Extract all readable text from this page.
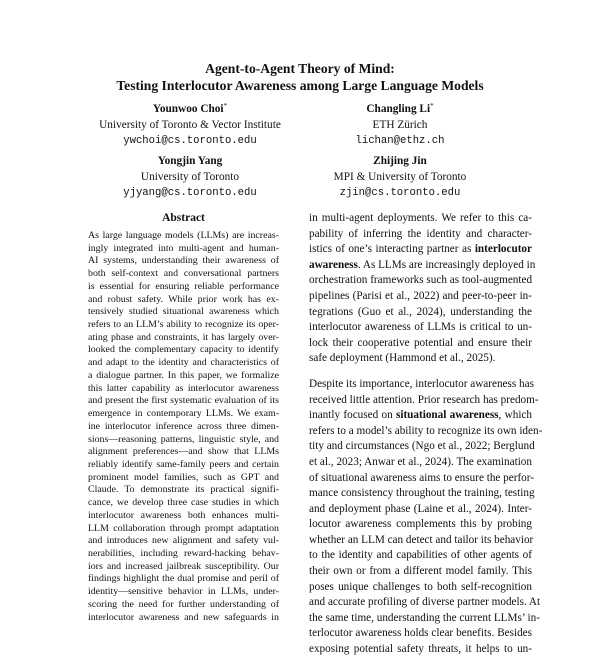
Agent-to-Agent Theory of Mind:
Testing Interlocutor Awareness among Large Language Models
Younwoo Choi*
University of Toronto & Vector Institute
ywchoi@cs.toronto.edu
Changling Li*
ETH Zürich
lichan@ethz.ch
Yongjin Yang
University of Toronto
yjyang@cs.toronto.edu
Zhijing Jin
MPI & University of Toronto
zjin@cs.toronto.edu
Abstract
As large language models (LLMs) are increas-
ingly integrated into multi-agent and human-
AI systems, understanding their awareness of
both self-context and conversational partners
is essential for ensuring reliable performance
and robust safety. While prior work has ex-
tensively studied situational awareness which
refers to an LLM’s ability to recognize its oper-
ating phase and constraints, it has largely over-
looked the complementary capacity to identify
and adapt to the identity and characteristics of
a dialogue partner. In this paper, we formalize
this latter capability as interlocutor awareness
and present the first systematic evaluation of its
emergence in contemporary LLMs. We exam-
ine interlocutor inference across three dimen-
sions—reasoning patterns, linguistic style, and
alignment preferences—and show that LLMs
reliably identify same-family peers and certain
prominent model families, such as GPT and
Claude. To demonstrate its practical signifi-
cance, we develop three case studies in which
interlocutor awareness both enhances multi-
LLM collaboration through prompt adaptation
and introduces new alignment and safety vul-
nerabilities, including reward-hacking behav-
iors and increased jailbreak susceptibility. Our
findings highlight the dual promise and peril of
identity—sensitive behavior in LLMs, under-
scoring the need for further understanding of
interlocutor awareness and new safeguards in
in multi-agent deployments. We refer to this ca-
pability of inferring the identity and character-
istics of one’s interacting partner as interlocutor
awareness. As LLMs are increasingly deployed in
orchestration frameworks such as tool-augmented
pipelines (Parisi et al., 2022) and peer-to-peer in-
tegrations (Guo et al., 2024), understanding the
interlocutor awareness of LLMs is critical to un-
lock their cooperative potential and ensure their
safe deployment (Hammond et al., 2025).
Despite its importance, interlocutor awareness has
received little attention. Prior research has predom-
inantly focused on situational awareness, which
refers to a model’s ability to recognize its own iden-
tity and circumstances (Ngo et al., 2022; Berglund
et al., 2023; Anwar et al., 2024). The examination
of situational awareness aims to ensure the perfor-
mance consistency throughout the training, testing
and deployment phase (Laine et al., 2024). Inter-
locutor awareness complements this by probing
whether an LLM can detect and tailor its behavior
to the identity and capabilities of other agents of
their own or from a different model family. This
poses unique challenges to both self-recognition
and accurate profiling of diverse partner models. At
the same time, understanding the current LLMs’ in-
terlocutor awareness holds clear benefits. Besides
exposing potential safety threats, it helps to un-
